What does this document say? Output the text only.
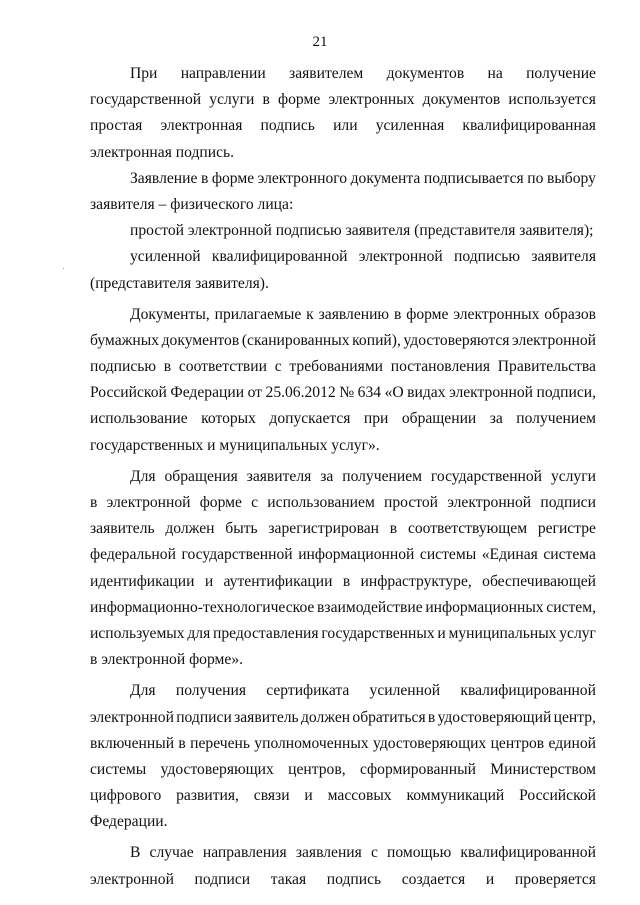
21
При направлении заявителем документов на получение
государственной услуги в форме электронных документов используется
простая электронная подпись или усиленная квалифицированная
электронная подпись.
Заявление в форме электронного документа подписывается по выбору
заявителя – физического лица:
простой электронной подписью заявителя (представителя заявителя);
усиленной квалифицированной электронной подписью заявителя
(представителя заявителя).
Документы, прилагаемые к заявлению в форме электронных образов
бумажных документов (сканированных копий), удостоверяются электронной
подписью в соответствии с требованиями постановления Правительства
Российской Федерации от 25.06.2012 № 634 «О видах электронной подписи,
использование которых допускается при обращении за получением
государственных и муниципальных услуг».
Для обращения заявителя за получением государственной услуги
в электронной форме с использованием простой электронной подписи
заявитель должен быть зарегистрирован в соответствующем регистре
федеральной государственной информационной системы «Единая система
идентификации и аутентификации в инфраструктуре, обеспечивающей
информационно-технологическое взаимодействие информационных систем,
используемых для предоставления государственных и муниципальных услуг
в электронной форме».
Для получения сертификата усиленной квалифицированной
электронной подписи заявитель должен обратиться в удостоверяющий центр,
включенный в перечень уполномоченных удостоверяющих центров единой
системы удостоверяющих центров, сформированный Министерством
цифрового развития, связи и массовых коммуникаций Российской
Федерации.
В случае направления заявления с помощью квалифицированной
электронной подписи такая подпись создается и проверяется
